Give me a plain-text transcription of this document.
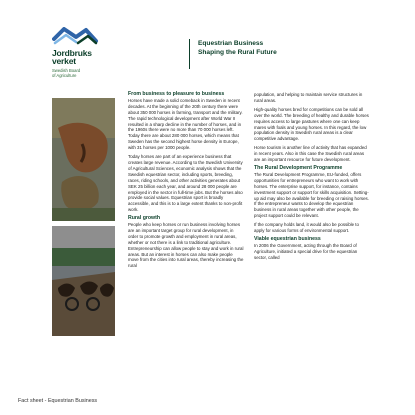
Jordbruks
verket
Swedish Board
of Agriculture
Equestrian Business
Shaping the Rural Future
From business to pleasure to business

Horses have made a solid comeback in Sweden in recent decades. At the beginning of the 20th century there were about 350 000 horses in farming, transport and the military. The rapid technological development after World War II resulted in a sharp decline in the number of horses, and in the 1960s there were no more than 70 000 horses left. Today there are about 280 000 horses, which means that Sweden has the second highest horse density in Europe, with 31 horses per 1000 people.

Today horses are part of an experience business that creates large revenue. According to the Swedish University of Agricultural Sciences, economic analysis shows that the Swedish equestrian sector, including sports, breeding, races, riding schools, and other activities generates about SEK 25 billion each year, and around 28 000 people are employed in the sector in full-time jobs. But the horses also provide social values. Equestrian sport is broadly accessible, and this is to a large extent thanks to non-profit work.

Rural growth

People who keep horses or run business involving horses are an important target group for rural development, in order to promote growth and employment in rural areas, whether or not there is a link to traditional agriculture. Entrepreneurship can allow people to stay and work in rural areas. But an interest in horses can also make people move from the cities into rural areas, thereby increasing the rural

population, and helping to maintain service structures in rural areas.

High-quality horses bred for competitions can be sold all over the world. The breeding of healthy and durable horses requires access to large pastures where one can keep mares with foals and young horses. In this regard, the low population density in Swedish rural areas is a clear competitive advantage.

Horse tourism is another line of activity that has expanded in recent years. Also in this case the Swedish rural areas are an important resource for future development.

The Rural Development Programme

The Rural Development Programme, EU-funded, offers opportunities for entrepreneurs who want to work with horses. The enterprise support, for instance, contains investment support or support for skills acquisition. Setting-up aid may also be available for breeding or raising horses. If the entrepreneur wants to develop the equestrian business in rural areas together with other people, the project support could be relevant.

If the company holds land, it would also be possible to apply for various forms of environmental support.

Viable equestrian business

In 2006 the Government, acting through the Board of Agriculture, initiated a special drive for the equestrian sector, called

Fact sheet - Equestrian Business
